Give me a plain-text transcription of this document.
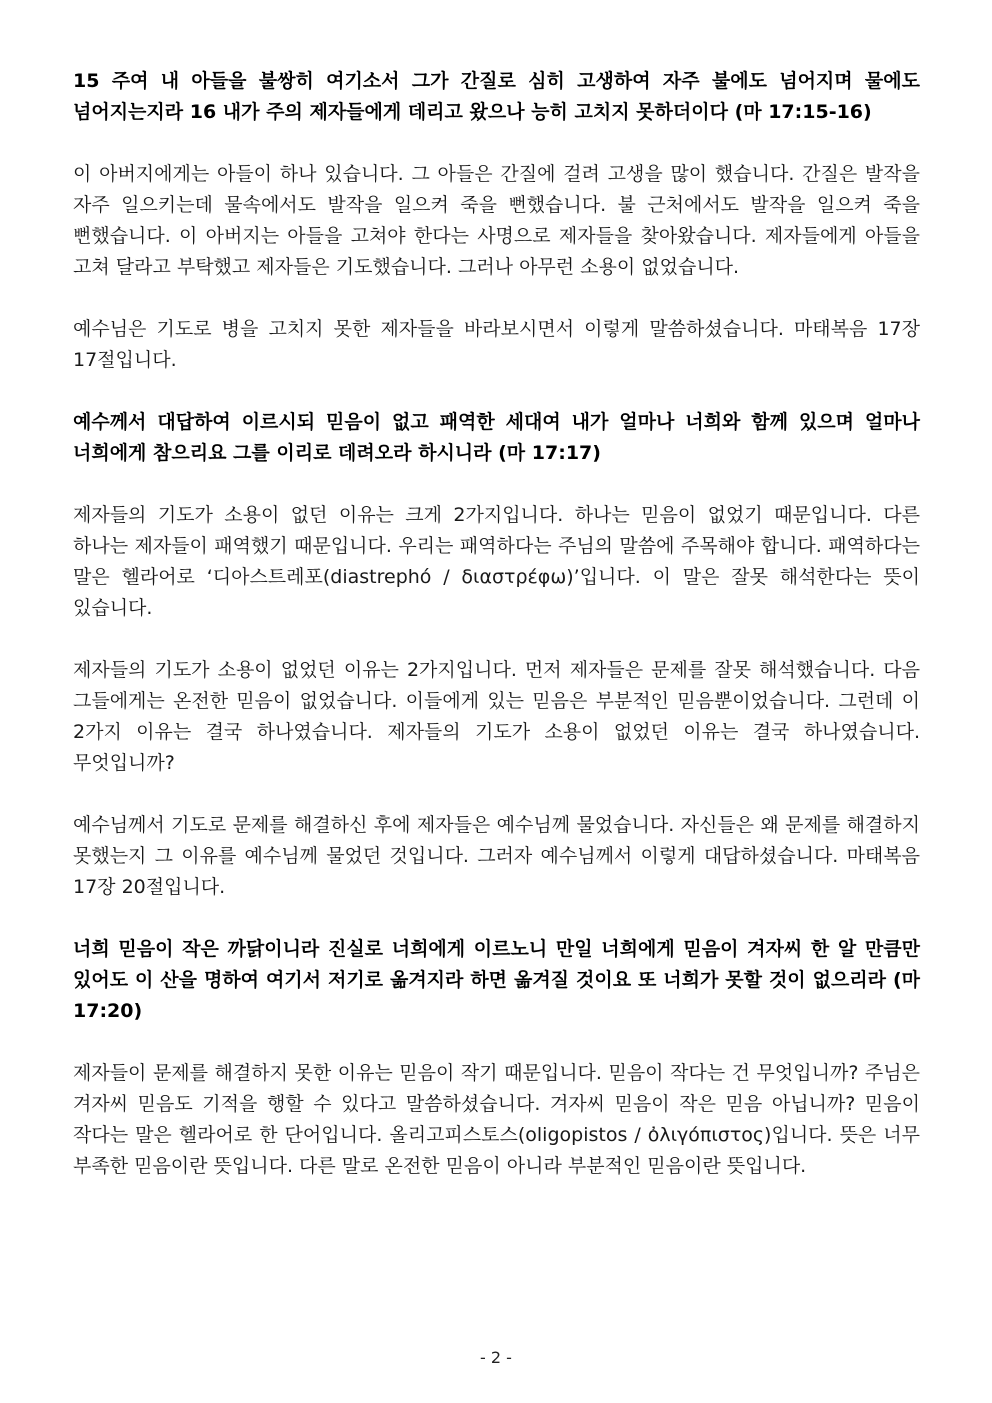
15 주여 내 아들을 불쌍히 여기소서 그가 간질로 심히 고생하여 자주 불에도 넘어지며 물에도 넘어지는지라 16 내가 주의 제자들에게 데리고 왔으나 능히 고치지 못하더이다 (마 17:15-16)

이 아버지에게는 아들이 하나 있습니다. 그 아들은 간질에 걸려 고생을 많이 했습니다. 간질은 발작을 자주 일으키는데 물속에서도 발작을 일으켜 죽을 뻔했습니다. 불 근처에서도 발작을 일으켜 죽을 뻔했습니다. 이 아버지는 아들을 고쳐야 한다는 사명으로 제자들을 찾아왔습니다. 제자들에게 아들을 고쳐 달라고 부탁했고 제자들은 기도했습니다. 그러나 아무런 소용이 없었습니다.

예수님은 기도로 병을 고치지 못한 제자들을 바라보시면서 이렇게 말씀하셨습니다. 마태복음 17장 17절입니다.

예수께서 대답하여 이르시되 믿음이 없고 패역한 세대여 내가 얼마나 너희와 함께 있으며 얼마나 너희에게 참으리요 그를 이리로 데려오라 하시니라 (마 17:17)

제자들의 기도가 소용이 없던 이유는 크게 2가지입니다. 하나는 믿음이 없었기 때문입니다. 다른 하나는 제자들이 패역했기 때문입니다. 우리는 패역하다는 주님의 말씀에 주목해야 합니다. 패역하다는 말은 헬라어로 ‘디아스트레포(diastrephó / διαστρέφω)’입니다. 이 말은 잘못 해석한다는 뜻이 있습니다.

제자들의 기도가 소용이 없었던 이유는 2가지입니다. 먼저 제자들은 문제를 잘못 해석했습니다. 다음 그들에게는 온전한 믿음이 없었습니다. 이들에게 있는 믿음은 부분적인 믿음뿐이었습니다. 그런데 이 2가지 이유는 결국 하나였습니다. 제자들의 기도가 소용이 없었던 이유는 결국 하나였습니다. 무엇입니까?

예수님께서 기도로 문제를 해결하신 후에 제자들은 예수님께 물었습니다. 자신들은 왜 문제를 해결하지 못했는지 그 이유를 예수님께 물었던 것입니다. 그러자 예수님께서 이렇게 대답하셨습니다. 마태복음 17장 20절입니다.

너희 믿음이 작은 까닭이니라 진실로 너희에게 이르노니 만일 너희에게 믿음이 겨자씨 한 알 만큼만 있어도 이 산을 명하여 여기서 저기로 옮겨지라 하면 옮겨질 것이요 또 너희가 못할 것이 없으리라 (마 17:20)

제자들이 문제를 해결하지 못한 이유는 믿음이 작기 때문입니다. 믿음이 작다는 건 무엇입니까? 주님은 겨자씨 믿음도 기적을 행할 수 있다고 말씀하셨습니다. 겨자씨 믿음이 작은 믿음 아닙니까? 믿음이 작다는 말은 헬라어로 한 단어입니다. 올리고피스토스(oligopistos / ὀλιγόπιστος)입니다. 뜻은 너무 부족한 믿음이란 뜻입니다. 다른 말로 온전한 믿음이 아니라 부분적인 믿음이란 뜻입니다.

- 2 -
